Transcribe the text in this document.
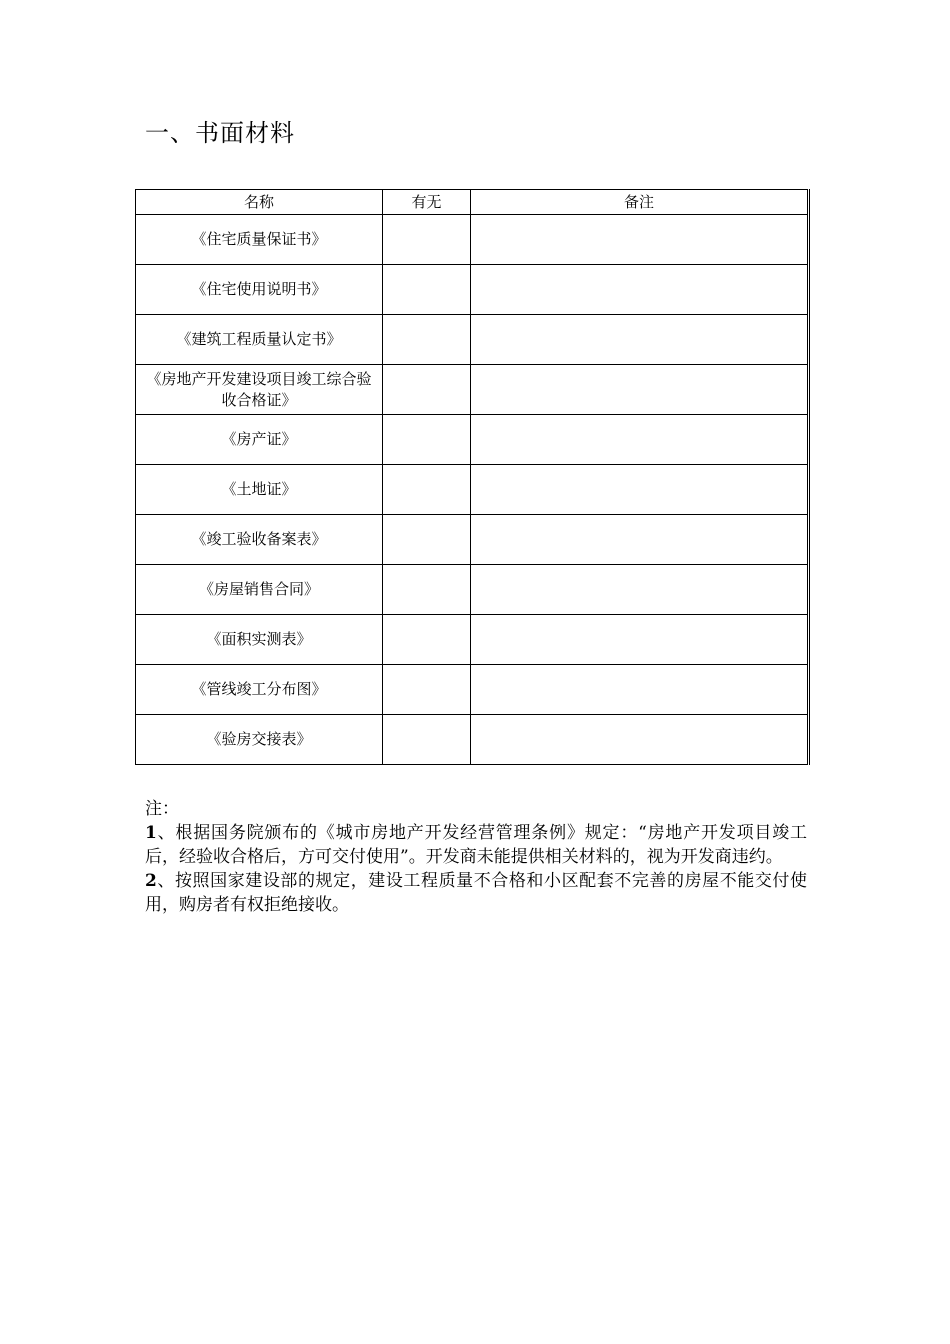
一、书面材料
名称	有无	备注
《住宅质量保证书》		
《住宅使用说明书》		
《建筑工程质量认定书》		
《房地产开发建设项目竣工综合验收合格证》		
《房产证》		
《土地证》		
《竣工验收备案表》		
《房屋销售合同》		
《面积实测表》		
《管线竣工分布图》		
《验房交接表》		

注：

1、根据国务院颁布的《城市房地产开发经营管理条例》规定：“房地产开发项目竣工后，经验收合格后，方可交付使用”。开发商未能提供相关材料的，视为开发商违约。

2、按照国家建设部的规定，建设工程质量不合格和小区配套不完善的房屋不能交付使用，购房者有权拒绝接收。
